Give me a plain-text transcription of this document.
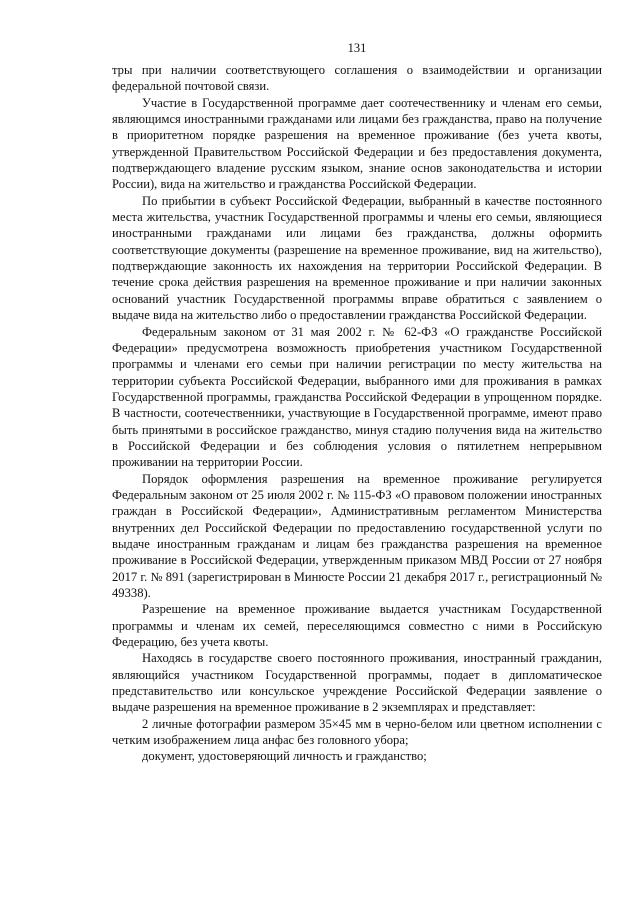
131

тры при наличии соответствующего соглашения о взаимодействии и организации федеральной почтовой связи.

Участие в Государственной программе дает соотечественнику и членам его семьи, являющимся иностранными гражданами или лицами без гражданства, право на получение в приоритетном порядке разрешения на временное проживание (без учета квоты, утвержденной Правительством Российской Федерации и без предоставления документа, подтверждающего владение русским языком, знание основ законодательства и истории России), вида на жительство и гражданства Российской Федерации.

По прибытии в субъект Российской Федерации, выбранный в качестве постоянного места жительства, участник Государственной программы и члены его семьи, являющиеся иностранными гражданами или лицами без гражданства, должны оформить соответствующие документы (разрешение на временное проживание, вид на жительство), подтверждающие законность их нахождения на территории Российской Федерации. В течение срока действия разрешения на временное проживание и при наличии законных оснований участник Государственной программы вправе обратиться с заявлением о выдаче вида на жительство либо о предоставлении гражданства Российской Федерации.

Федеральным законом от 31 мая 2002 г. № 62-ФЗ «О гражданстве Российской Федерации» предусмотрена возможность приобретения участником Государственной программы и членами его семьи при наличии регистрации по месту жительства на территории субъекта Российской Федерации, выбранного ими для проживания в рамках Государственной программы, гражданства Российской Федерации в упрощенном порядке. В частности, соотечественники, участвующие в Государственной программе, имеют право быть принятыми в российское гражданство, минуя стадию получения вида на жительство в Российской Федерации и без соблюдения условия о пятилетнем непрерывном проживании на территории России.

Порядок оформления разрешения на временное проживание регулируется Федеральным законом от 25 июля 2002 г. № 115-ФЗ «О правовом положении иностранных граждан в Российской Федерации», Административным регламентом Министерства внутренних дел Российской Федерации по предоставлению государственной услуги по выдаче иностранным гражданам и лицам без гражданства разрешения на временное проживание в Российской Федерации, утвержденным приказом МВД России от 27 ноября 2017 г. № 891 (зарегистрирован в Минюсте России 21 декабря 2017 г., регистрационный № 49338).

Разрешение на временное проживание выдается участникам Государственной программы и членам их семей, переселяющимся совместно с ними в Российскую Федерацию, без учета квоты.

Находясь в государстве своего постоянного проживания, иностранный гражданин, являющийся участником Государственной программы, подает в дипломатическое представительство или консульское учреждение Российской Федерации заявление о выдаче разрешения на временное проживание в 2 экземплярах и представляет:

2 личные фотографии размером 35×45 мм в черно-белом или цветном исполнении с четким изображением лица анфас без головного убора;

документ, удостоверяющий личность и гражданство;
